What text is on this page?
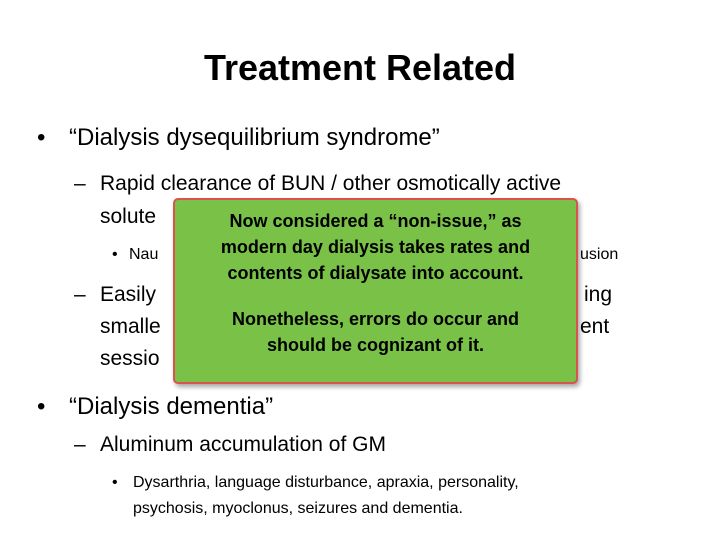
Treatment Related
• “Dialysis dysequilibrium syndrome”
– Rapid clearance of BUN / other osmotically active
solute
• Nau	usion
– Easily	ing
smalle	ent
sessio
Now considered a “non-issue,” as
modern day dialysis takes rates and
contents of dialysate into account.
Nonetheless, errors do occur and
should be cognizant of it.
• “Dialysis dementia”
– Aluminum accumulation of GM
• Dysarthria, language disturbance, apraxia, personality,
psychosis, myoclonus, seizures and dementia.
